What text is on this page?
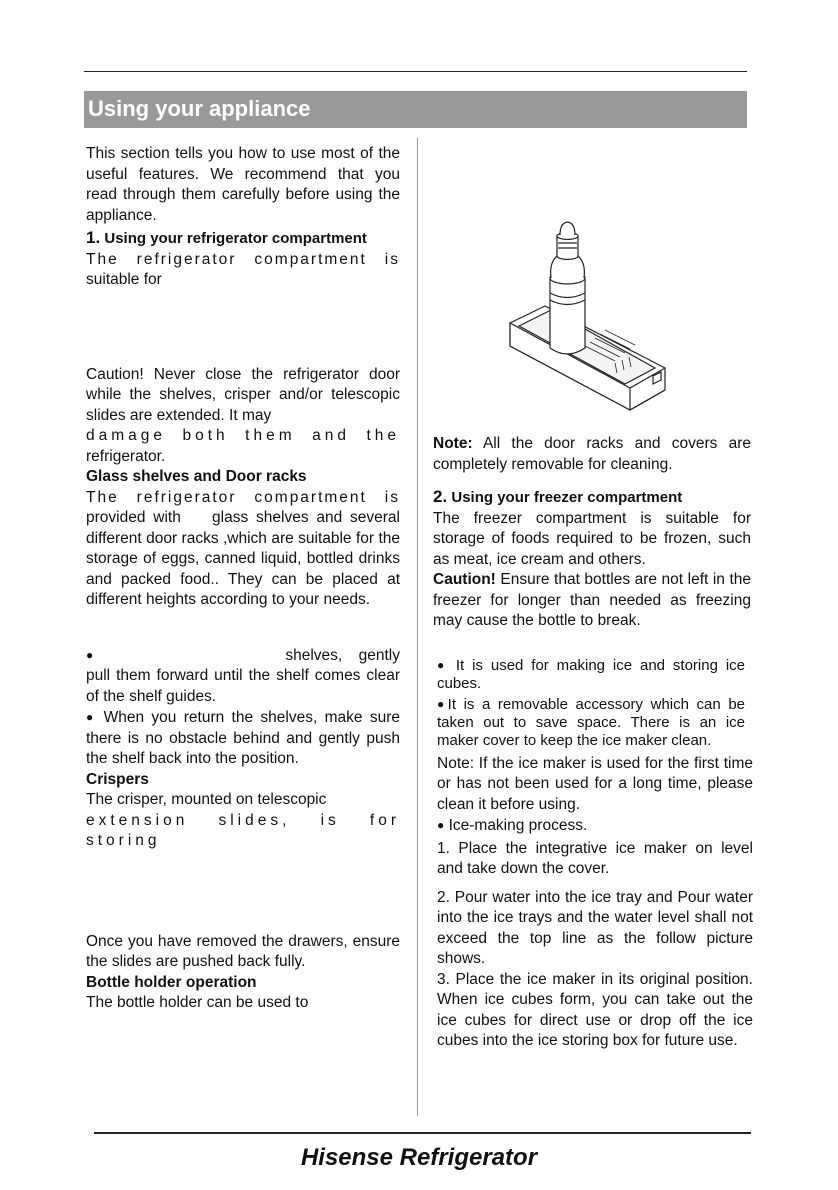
Using your appliance

This section tells you how to use most of the useful features. We recommend that you read through them carefully before using the appliance.

1. Using your refrigerator compartment

The refrigerator compartment is

suitable for

Caution! Never close the refrigerator door while the shelves, crisper and/or telescopic slides are extended. It may

damage both them and the

refrigerator.

Glass shelves and Door racks

The refrigerator compartment is

provided with    glass shelves and several different door racks ,which are suitable for the storage of eggs, canned liquid, bottled drinks and packed food.. They can be placed at different heights according to your needs.

●	shelves, gently

pull them forward until the shelf comes clear of the shelf guides.

● When you return the shelves, make sure there is no obstacle behind and gently push the shelf back into the position.

Crispers

The crisper, mounted on telescopic

extension slides, is for storing

Once you have removed the drawers, ensure the slides are pushed back fully.

Bottle holder operation

The bottle holder can be used to

Note: All the door racks and covers are completely removable for cleaning.

2. Using your freezer compartment

The freezer compartment is suitable for storage of foods required to be frozen, such as meat, ice cream and others.

Caution! Ensure that bottles are not left in the freezer for longer than needed as freezing may cause the bottle to break.

● It is used for making ice and storing ice cubes.

●It is a removable accessory which can be taken out to save space. There is an ice maker cover to keep the ice maker clean.

Note: If the ice maker is used for the first time or has not been used for a long time, please clean it before using.

● Ice-making process.

1. Place the integrative ice maker on level and take down the cover.

2. Pour water into the ice tray and Pour water into the ice trays and the water level shall not exceed the top line as the follow picture shows.

3. Place the ice maker in its original position. When ice cubes form, you can take out the ice cubes for direct use or drop off the ice cubes into the ice storing box for future use.

Hisense Refrigerator
